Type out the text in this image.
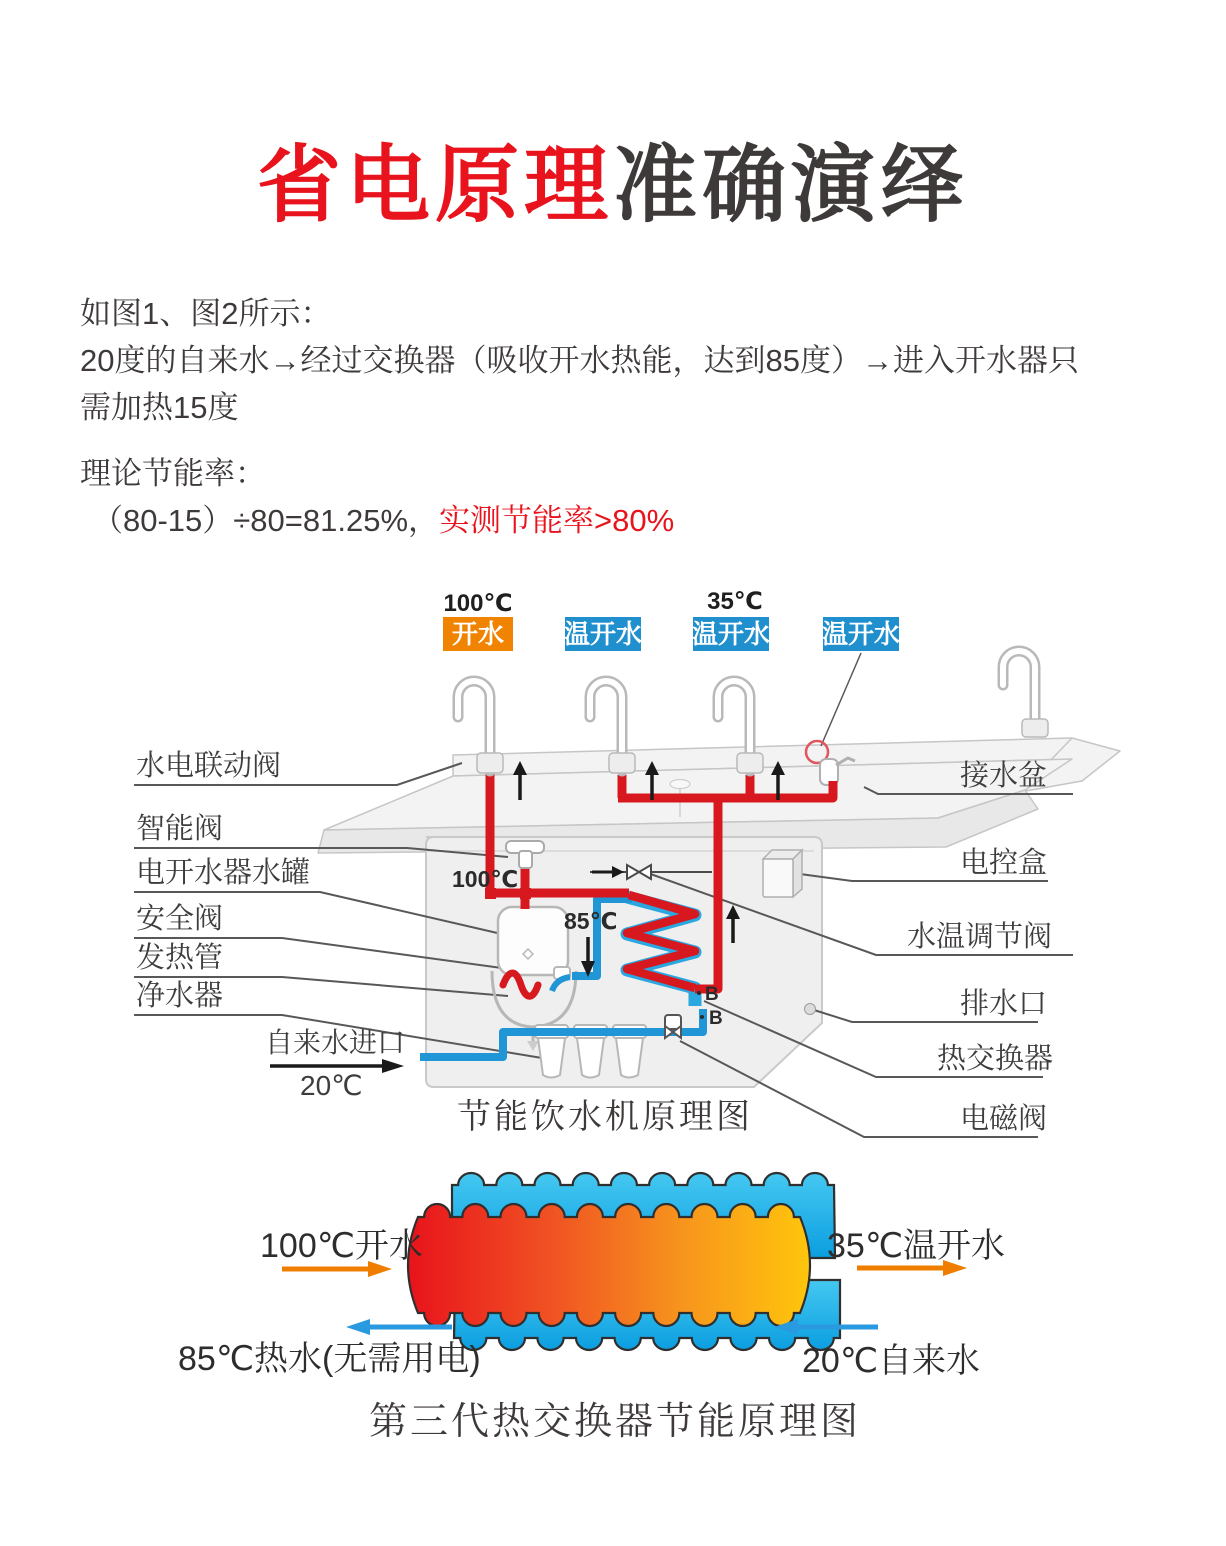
省电原理准确演绎
如图1、图2所示：
20度的自来水→经过交换器（吸收开水热能，达到85度）→进入开水器只
需加热15度
理论节能率：
（80-15）÷80=81.25%，实测节能率>80%
水电联动阀
智能阀
电开水器水罐
安全阀
发热管
净水器
自来水进口
20℃
接水盆
电控盒
水温调节阀
排水口
热交换器
电磁阀
B
B
100℃
85℃
100℃	35℃
开水 温开水 温开水 温开水
节能饮水机原理图
100℃开水	35℃温开水
85℃热水(无需用电)	20℃自来水
第三代热交换器节能原理图
